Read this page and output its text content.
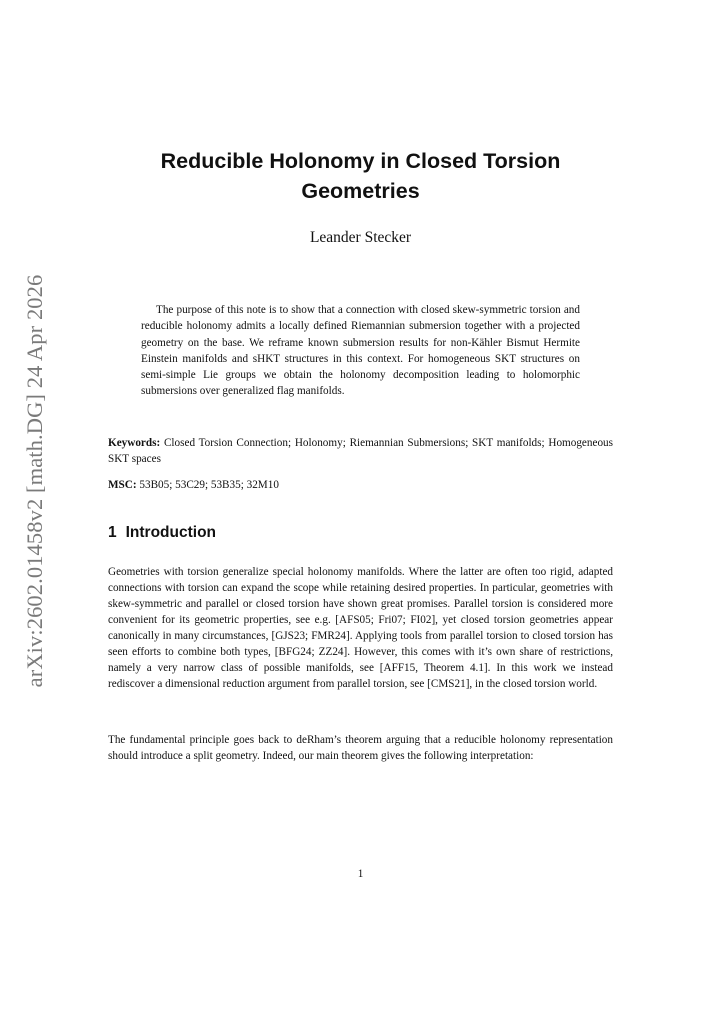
arXiv:2602.01458v2 [math.DG] 24 Apr 2026
Reducible Holonomy in Closed Torsion Geometries
Leander Stecker

The purpose of this note is to show that a connection with closed skew-symmetric torsion and reducible holonomy admits a locally defined Riemannian submersion together with a projected geometry on the base. We reframe known submersion results for non-Kähler Bismut Hermite Einstein manifolds and sHKT structures in this context. For homogeneous SKT structures on semi-simple Lie groups we obtain the holonomy decomposition leading to holomorphic submersions over generalized flag manifolds.

Keywords: Closed Torsion Connection; Holonomy; Riemannian Submersions; SKT manifolds; Homogeneous SKT spaces

MSC: 53B05; 53C29; 53B35; 32M10

1 Introduction

Geometries with torsion generalize special holonomy manifolds. Where the latter are often too rigid, adapted connections with torsion can expand the scope while retaining desired properties. In particular, geometries with skew-symmetric and parallel or closed torsion have shown great promises. Parallel torsion is considered more convenient for its geometric properties, see e.g. [AFS05; Fri07; FI02], yet closed torsion geometries appear canonically in many circumstances, [GJS23; FMR24]. Applying tools from parallel torsion to closed torsion has seen efforts to combine both types, [BFG24; ZZ24]. However, this comes with it’s own share of restrictions, namely a very narrow class of possible manifolds, see [AFF15, Theorem 4.1]. In this work we instead rediscover a dimensional reduction argument from parallel torsion, see [CMS21], in the closed torsion world.

The fundamental principle goes back to deRham’s theorem arguing that a reducible holonomy representation should introduce a split geometry. Indeed, our main theorem gives the following interpretation:

1
